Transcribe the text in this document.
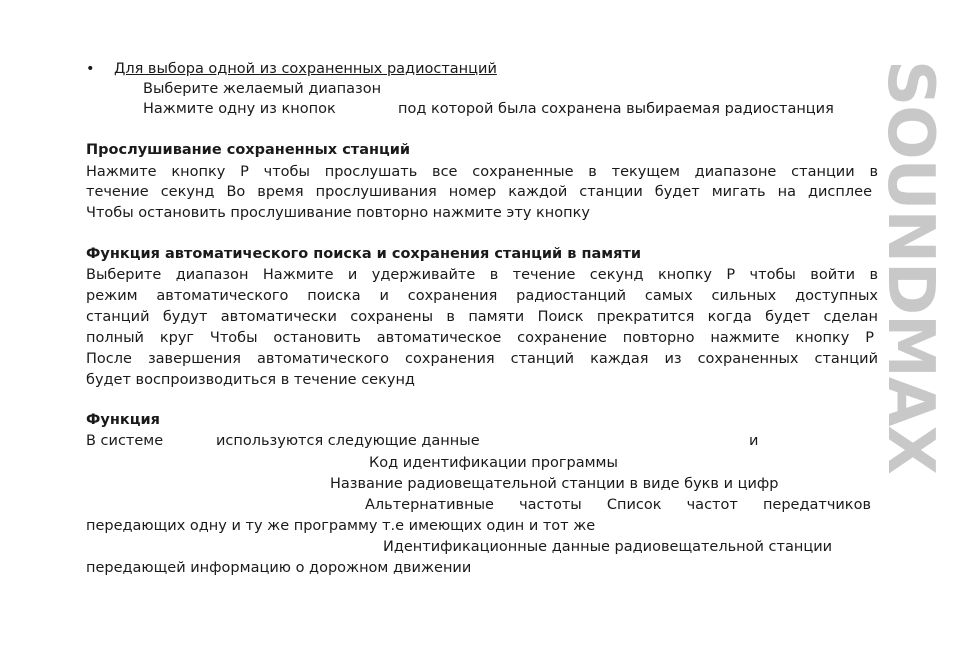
• Для выбора одной из сохраненных радиостанций
Выберите желаемый диапазон
Нажмите одну из кнопок	под которой была сохранена выбираемая радиостанция
Прослушивание сохраненных станций
Нажмите кнопку P чтобы прослушать все сохраненные в текущем диапазоне станции в
течение секунд Во время прослушивания номер каждой станции будет мигать на дисплее
Чтобы остановить прослушивание повторно нажмите эту кнопку
Функция автоматического поиска и сохранения станций в памяти
Выберите диапазон Нажмите и удерживайте в течение секунд кнопку P чтобы войти в
режим автоматического поиска и сохранения радиостанций самых сильных доступных
станций будут автоматически сохранены в памяти Поиск прекратится когда будет сделан
полный круг Чтобы остановить автоматическое сохранение повторно нажмите кнопку P
После завершения автоматического сохранения станций каждая из сохраненных станций
будет воспроизводиться в течение секунд
Функция
В системе	используются следующие данные	и
Код идентификации программы
Название радиовещательной станции в виде букв и цифр
Альтернативные частоты Список частот передатчиков
передающих одну и ту же программу т.е имеющих один и тот же
Идентификационные данные радиовещательной станции
передающей информацию о дорожном движении
SOUNDMAX
